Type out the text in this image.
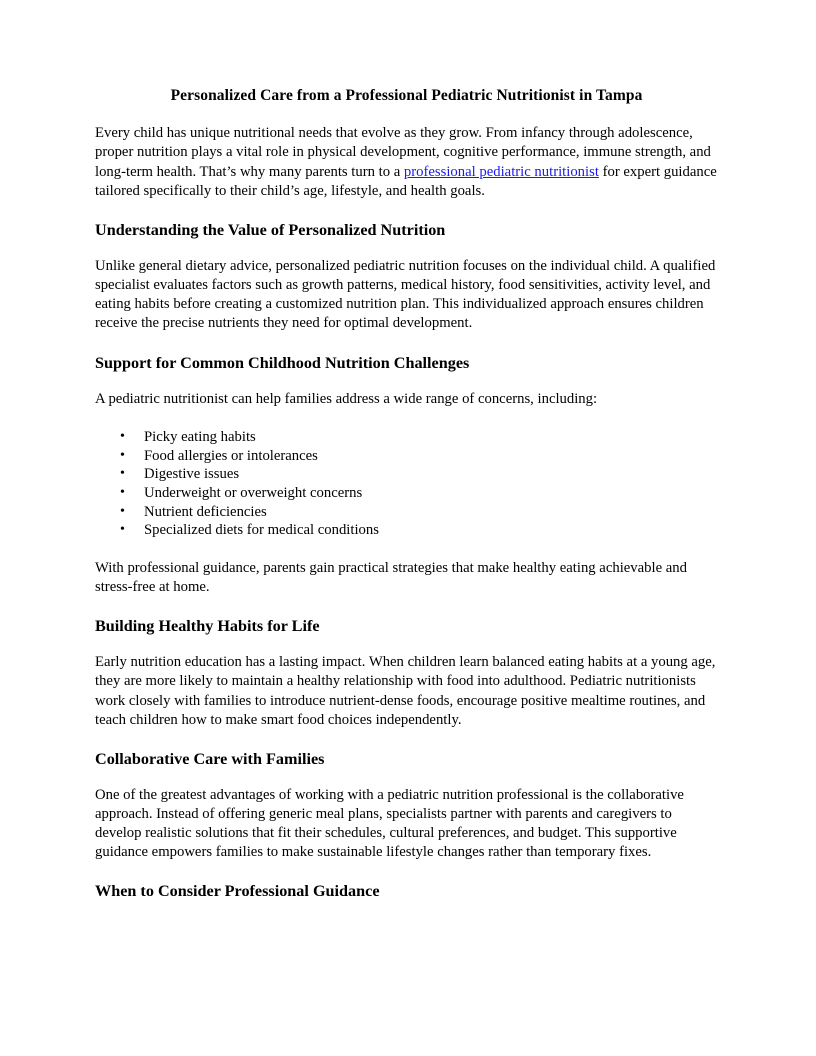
Personalized Care from a Professional Pediatric Nutritionist in Tampa

Every child has unique nutritional needs that evolve as they grow. From infancy through adolescence, proper nutrition plays a vital role in physical development, cognitive performance, immune strength, and long-term health. That’s why many parents turn to a professional pediatric nutritionist for expert guidance tailored specifically to their child’s age, lifestyle, and health goals.

Understanding the Value of Personalized Nutrition

Unlike general dietary advice, personalized pediatric nutrition focuses on the individual child. A qualified specialist evaluates factors such as growth patterns, medical history, food sensitivities, activity level, and eating habits before creating a customized nutrition plan. This individualized approach ensures children receive the precise nutrients they need for optimal development.

Support for Common Childhood Nutrition Challenges

A pediatric nutritionist can help families address a wide range of concerns, including:

• Picky eating habits
• Food allergies or intolerances
• Digestive issues
• Underweight or overweight concerns
• Nutrient deficiencies
• Specialized diets for medical conditions

With professional guidance, parents gain practical strategies that make healthy eating achievable and stress-free at home.

Building Healthy Habits for Life

Early nutrition education has a lasting impact. When children learn balanced eating habits at a young age, they are more likely to maintain a healthy relationship with food into adulthood. Pediatric nutritionists work closely with families to introduce nutrient-dense foods, encourage positive mealtime routines, and teach children how to make smart food choices independently.

Collaborative Care with Families

One of the greatest advantages of working with a pediatric nutrition professional is the collaborative approach. Instead of offering generic meal plans, specialists partner with parents and caregivers to develop realistic solutions that fit their schedules, cultural preferences, and budget. This supportive guidance empowers families to make sustainable lifestyle changes rather than temporary fixes.

When to Consider Professional Guidance
